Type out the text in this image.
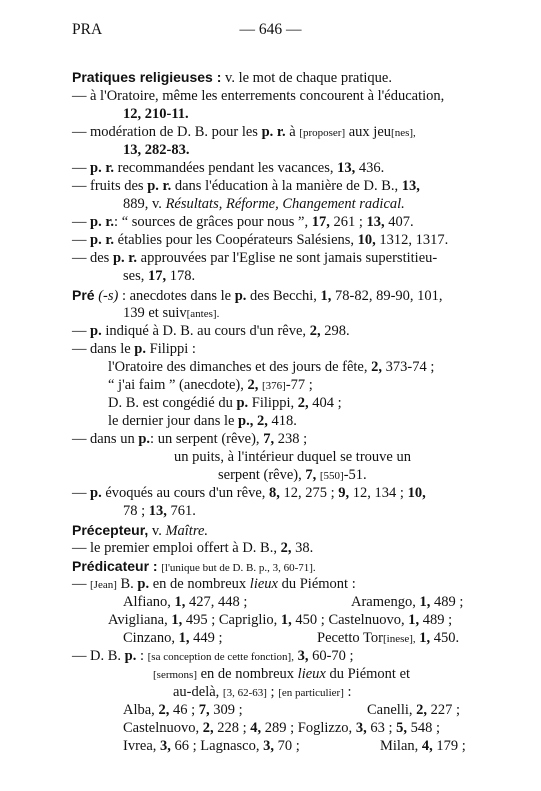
PRA	— 646 —
Pratiques religieuses : v. le mot de chaque pratique.
— à l'Oratoire, même les enterrements concourent à l'éducation,
12, 210-11.
— modération de D. B. pour les p. r. à [proposer] aux jeu[nes],
13, 282-83.
— p. r. recommandées pendant les vacances, 13, 436.
— fruits des p. r. dans l'éducation à la manière de D. B., 13,
889, v. Résultats, Réforme, Changement radical.
— p. r.: “ sources de grâces pour nous ”, 17, 261 ; 13, 407.
— p. r. établies pour les Coopérateurs Salésiens, 10, 1312, 1317.
— des p. r. approuvées par l'Eglise ne sont jamais superstitieu-
ses, 17, 178.
Pré (-s) : anecdotes dans le p. des Becchi, 1, 78-82, 89-90, 101,
139 et suiv[antes].
— p. indiqué à D. B. au cours d'un rêve, 2, 298.
— dans le p. Filippi :
l'Oratoire des dimanches et des jours de fête, 2, 373-74 ;
“ j'ai faim ” (anecdote), 2, [376]-77 ;
D. B. est congédié du p. Filippi, 2, 404 ;
le dernier jour dans le p., 2, 418.
— dans un p.: un serpent (rêve), 7, 238 ;
un puits, à l'intérieur duquel se trouve un
serpent (rêve), 7, [550]-51.
— p. évoqués au cours d'un rêve, 8, 12, 275 ; 9, 12, 134 ; 10,
78 ; 13, 761.
Précepteur, v. Maître.
— le premier emploi offert à D. B., 2, 38.
Prédicateur : [l'unique but de D. B. p., 3, 60-71].
— [Jean] B. p. en de nombreux lieux du Piémont :
Alfiano, 1, 427, 448 ;	Aramengo, 1, 489 ;
Avigliana, 1, 495 ; Capriglio, 1, 450 ; Castelnuovo, 1, 489 ;
Cinzano, 1, 449 ;	Pecetto Tor[inese], 1, 450.
— D. B. p. : [sa conception de cette fonction], 3, 60-70 ;
[sermons] en de nombreux lieux du Piémont et
au-delà, [3, 62-63] ; [en particulier] :
Alba, 2, 46 ; 7, 309 ;	Canelli, 2, 227 ;
Castelnuovo, 2, 228 ; 4, 289 ; Foglizzo, 3, 63 ; 5, 548 ;
Ivrea, 3, 66 ; Lagnasco, 3, 70 ;	Milan, 4, 179 ;
